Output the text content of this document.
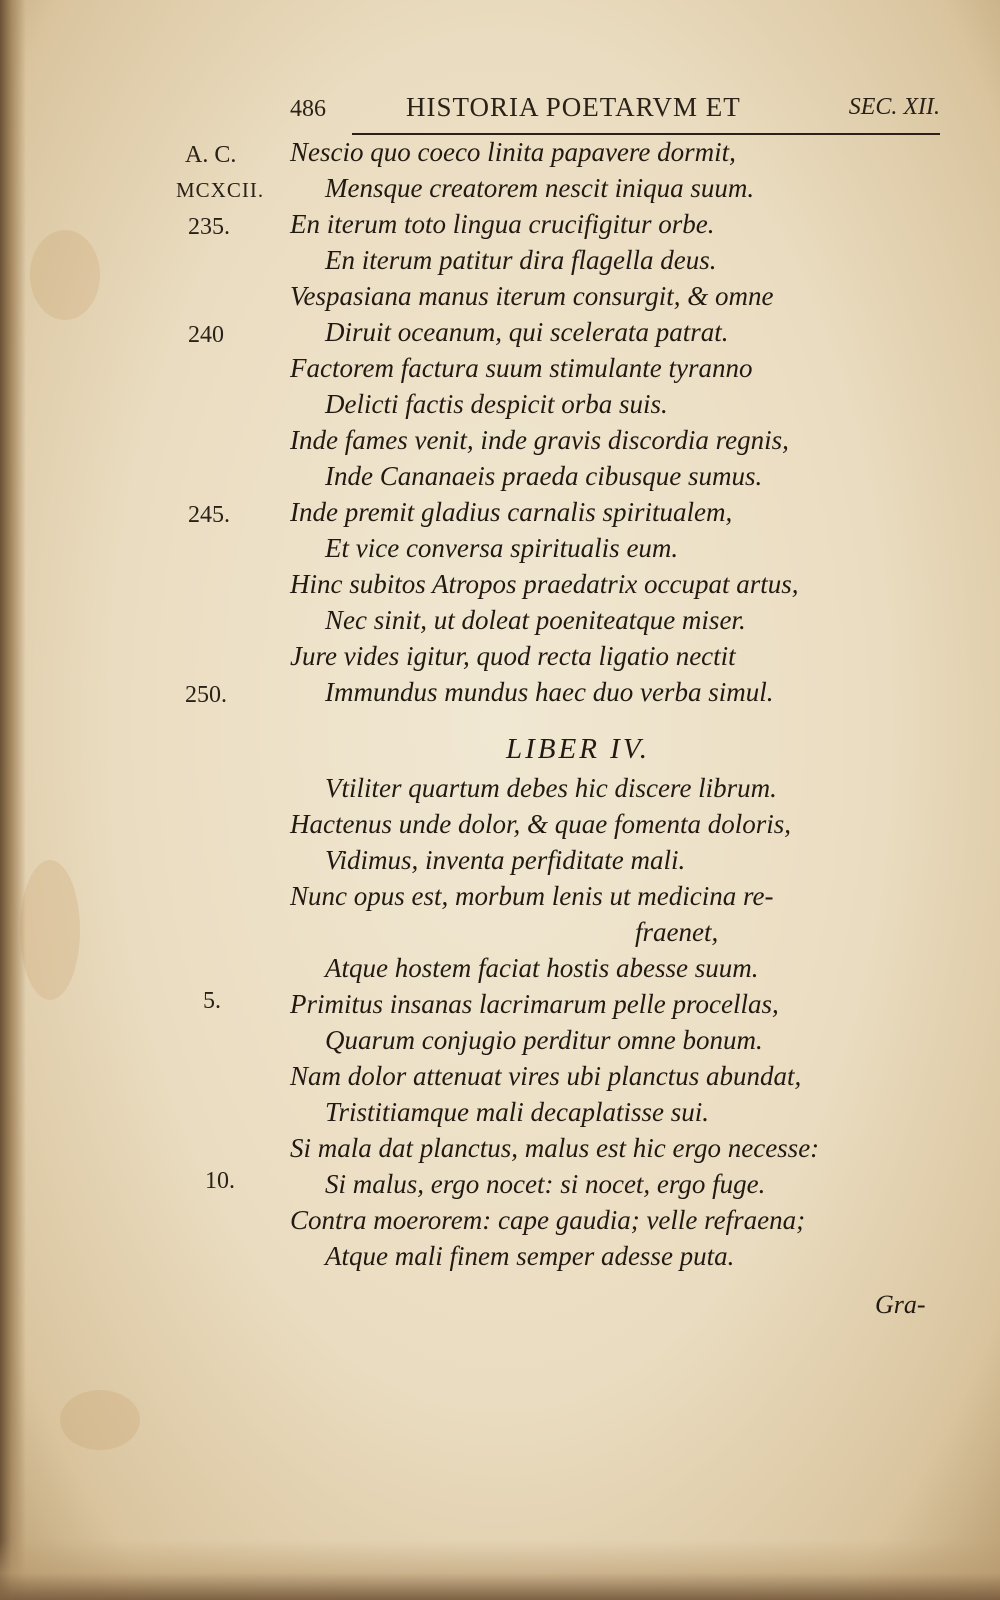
486	HISTORIA POETARVM ET	SEC. XII.
A. C.
MCXCII.
235.
240
245.
250.
5.
10.
Nescio quo coeco linita papavere dormit,
Mensque creatorem nescit iniqua suum.
En iterum toto lingua crucifigitur orbe.
En iterum patitur dira flagella deus.
Vespasiana manus iterum consurgit, & omne
Diruit oceanum, qui scelerata patrat.
Factorem factura suum stimulante tyranno
Delicti factis despicit orba suis.
Inde fames venit, inde gravis discordia regnis,
Inde Cananaeis praeda cibusque sumus.
Inde premit gladius carnalis spiritualem,
Et vice conversa spiritualis eum.
Hinc subitos Atropos praedatrix occupat artus,
Nec sinit, ut doleat poeniteatque miser.
Jure vides igitur, quod recta ligatio nectit
Immundus mundus haec duo verba simul.
LIBER IV.
Vtiliter quartum debes hic discere librum.
Hactenus unde dolor, & quae fomenta doloris,
Vidimus, inventa perfiditate mali.
Nunc opus est, morbum lenis ut medicina re-
fraenet,
Atque hostem faciat hostis abesse suum.
Primitus insanas lacrimarum pelle procellas,
Quarum conjugio perditur omne bonum.
Nam dolor attenuat vires ubi planctus abundat,
Tristitiamque mali decaplatisse sui.
Si mala dat planctus, malus est hic ergo necesse:
Si malus, ergo nocet: si nocet, ergo fuge.
Contra moerorem: cape gaudia; velle refraena;
Atque mali finem semper adesse puta.
Gra-
